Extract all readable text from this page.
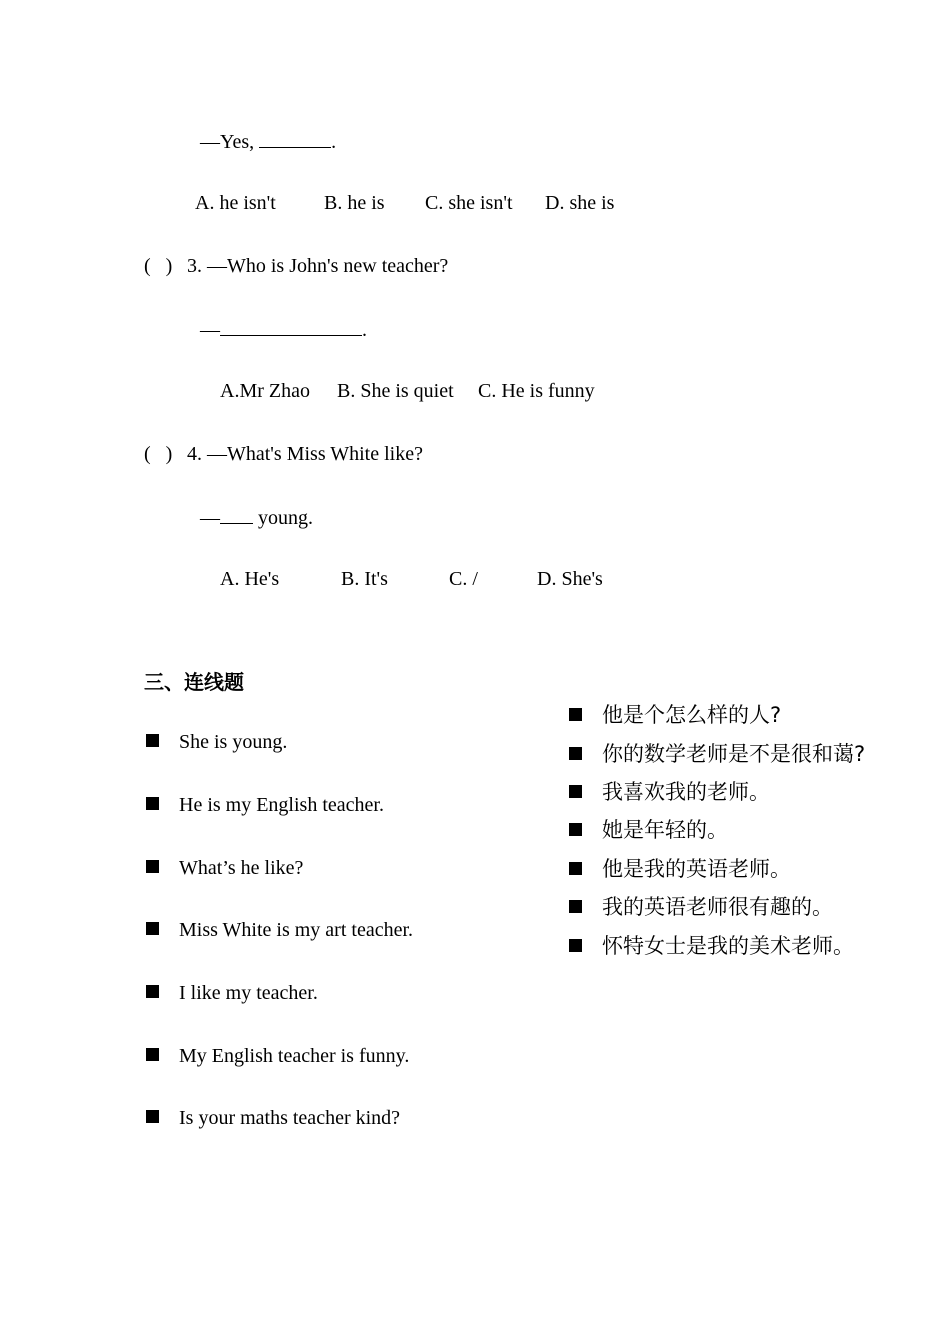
—Yes,	.
A. he isn't B. he is C. she isn't D. she is
(   ) 3. —Who is John's new teacher?
—	.
A.Mr Zhao B. She is quiet C. He is funny
(   ) 4. —What's Miss White like?
— young.
A. He's	B. It's	C. /	D. She's
三、连线题
She is young.
He is my English teacher.
What’s he like?
Miss White is my art teacher.
I like my teacher.
My English teacher is funny.
Is your maths teacher kind?
他是个怎么样的人?
你的数学老师是不是很和蔼?
我喜欢我的老师。
她是年轻的。
他是我的英语老师。
我的英语老师很有趣的。
怀特女士是我的美术老师。
